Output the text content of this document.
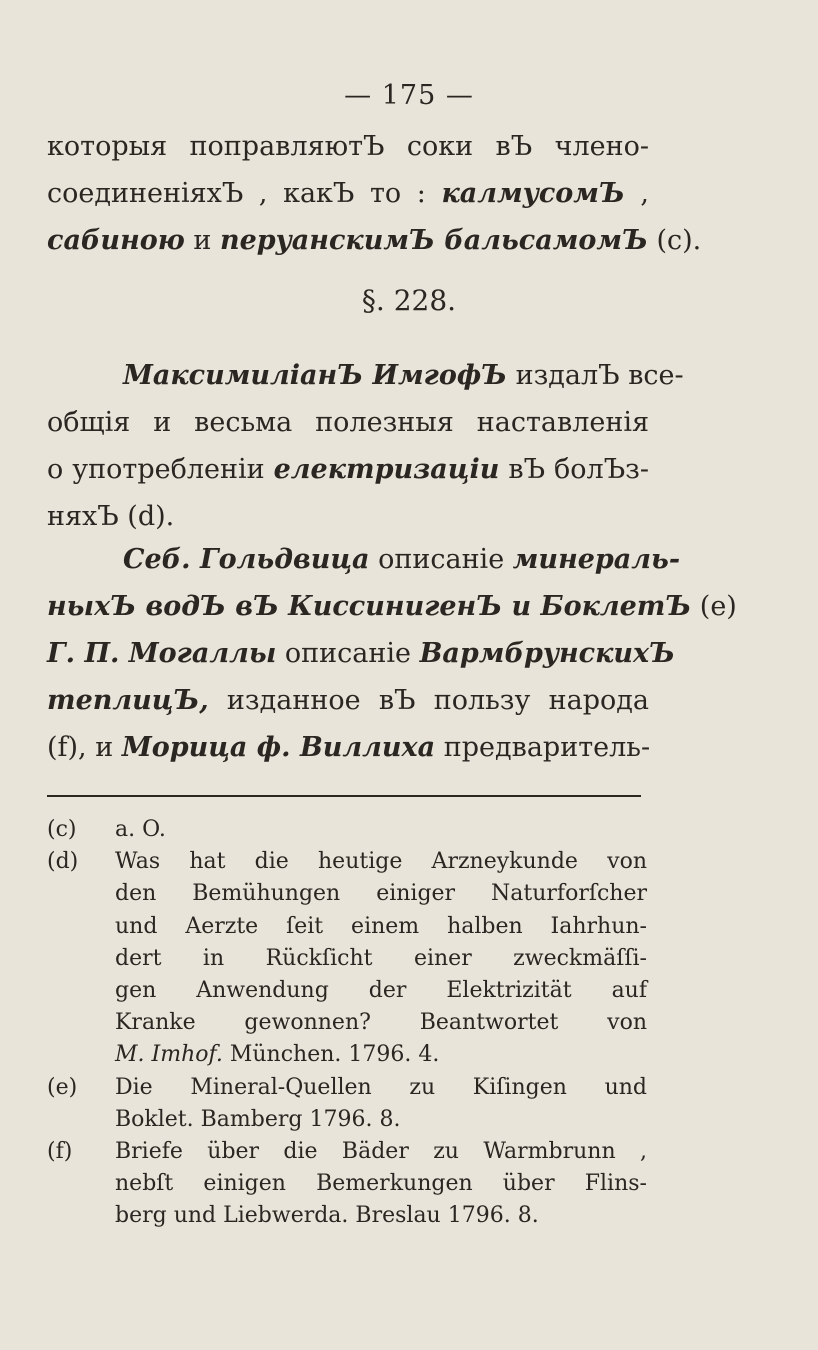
— 175 —
которыя поправляютЪ соки вЪ члено-
соединеніяхЪ , какЪ то : калмусомЪ ,
сабиною и перуанскимЪ бальсамомЪ (c).
§. 228.
МаксимиліанЪ ИмгофЪ издалЪ все-
общія и весьма полезныя наставленія
о употребленіи електризаціи вЪ болЪз-
няхЪ (d).
Себ. Гольдвица описаніе минераль-
ныхЪ водЪ вЪ КиссинигенЪ и БоклетЪ (e)
Г. П. Могаллы описаніе ВармбрунскихЪ
теплицЪ, изданное вЪ пользу народа
(f), и Морица ф. Виллиха предваритель-
(c) a. O.
(d) Was hat die heutige Arzneykunde von
den Bemühungen einiger Naturforſcher
und Aerzte ſeit einem halben Iahrhun-
dert in Rückſicht einer zweckmäſſi-
gen Anwendung der Elektrizität auf
Kranke gewonnen? Beantwortet von
M. Imhof. München. 1796. 4.
(e) Die Mineral-Quellen zu Kiſingen und
Boklet. Bamberg 1796. 8.
(f) Briefe über die Bäder zu Warmbrunn ,
nebſt einigen Bemerkungen über Flins-
berg und Liebwerda. Breslau 1796. 8.
